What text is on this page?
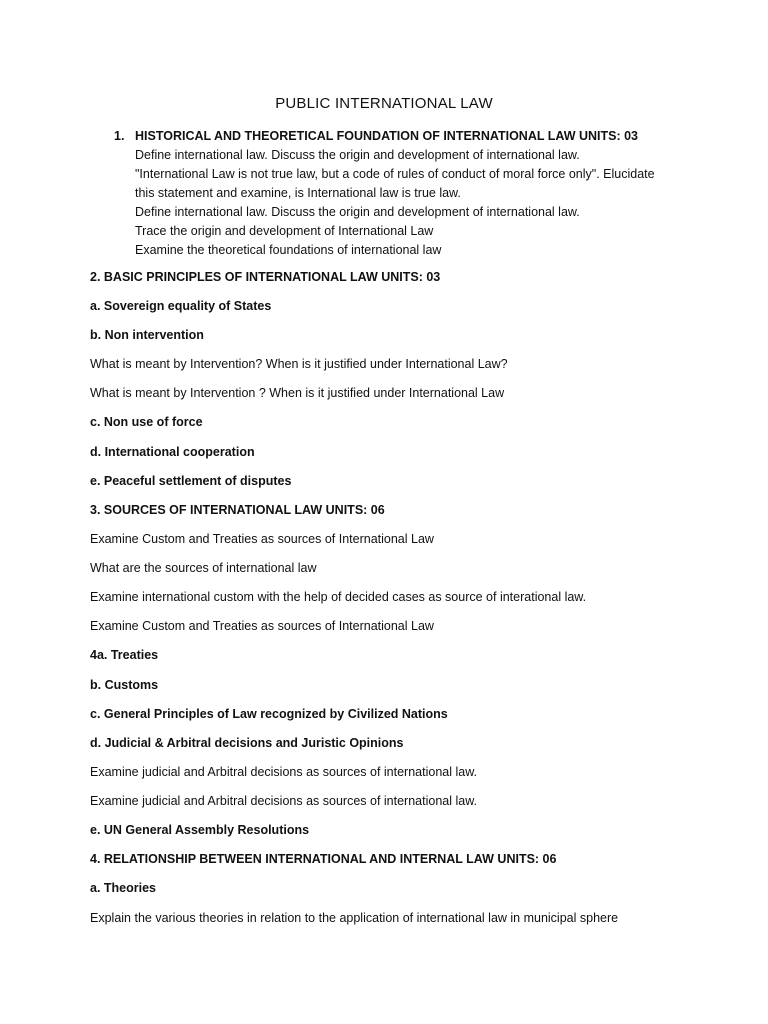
PUBLIC INTERNATIONAL LAW
1. HISTORICAL AND THEORETICAL FOUNDATION OF INTERNATIONAL LAW UNITS: 03
Define international law. Discuss the origin and development of international law.
"International Law is not true law, but a code of rules of conduct of moral force only". Elucidate this statement and examine, is International law is true law.
Define international law. Discuss the origin and development of international law.
Trace the origin and development of International Law
Examine the theoretical foundations of international law
2. BASIC PRINCIPLES OF INTERNATIONAL LAW UNITS: 03
a. Sovereign equality of States
b. Non intervention
What is meant by Intervention? When is it justified under International Law?
What is meant by Intervention ? When is it justified under International Law
c. Non use of force
d. International cooperation
e. Peaceful settlement of disputes
3. SOURCES OF INTERNATIONAL LAW UNITS: 06
Examine Custom and Treaties as sources of International Law
What are the sources of international law
Examine international custom with the help of decided cases as source of interational law.
Examine Custom and Treaties as sources of International Law
4a. Treaties
b. Customs
c. General Principles of Law recognized by Civilized Nations
d. Judicial & Arbitral decisions and Juristic Opinions
Examine judicial and Arbitral decisions as sources of international law.
Examine judicial and Arbitral decisions as sources of international law.
e. UN General Assembly Resolutions
4. RELATIONSHIP BETWEEN INTERNATIONAL AND INTERNAL LAW UNITS: 06
a. Theories
Explain the various theories in relation to the application of international law in municipal sphere
